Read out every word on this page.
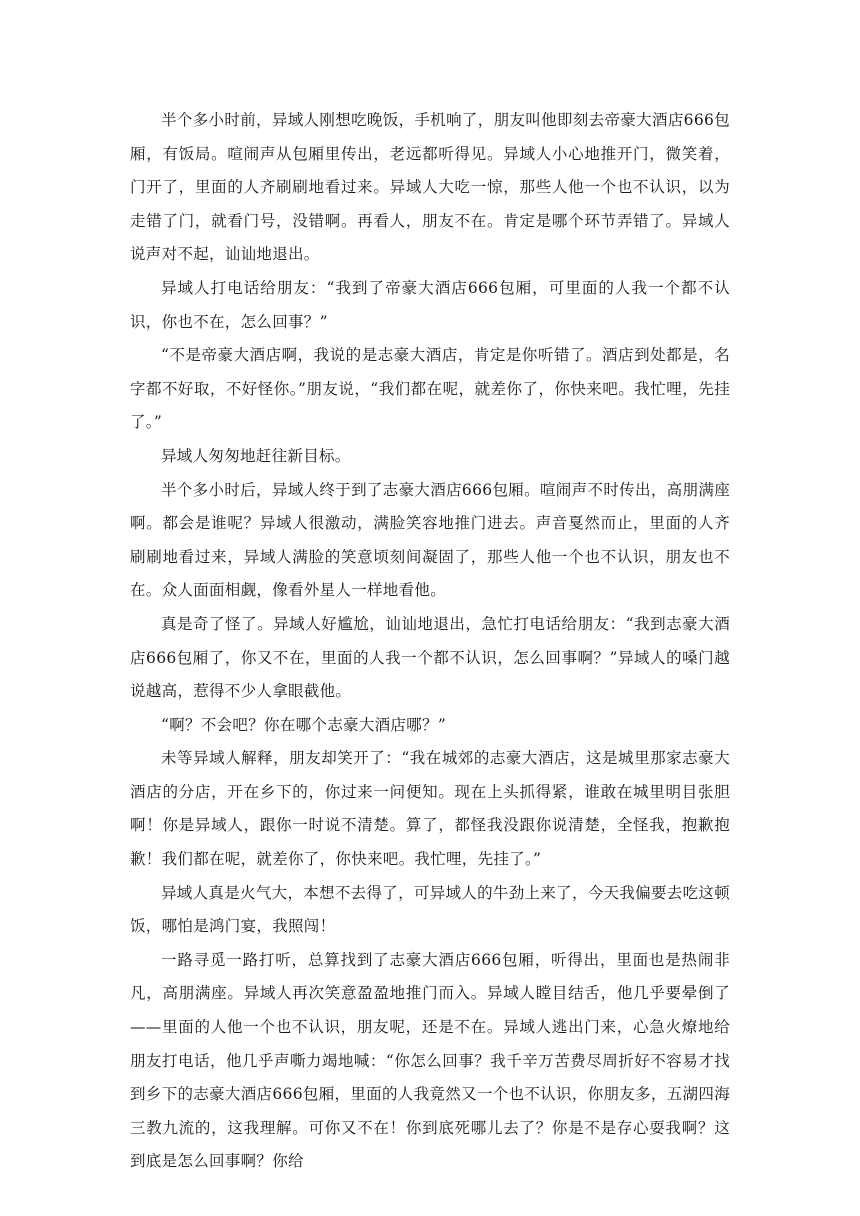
半个多小时前，异域人刚想吃晚饭，手机响了，朋友叫他即刻去帝豪大酒店666包厢，有饭局。喧闹声从包厢里传出，老远都听得见。异域人小心地推开门，微笑着，门开了，里面的人齐刷刷地看过来。异域人大吃一惊，那些人他一个也不认识，以为走错了门，就看门号，没错啊。再看人，朋友不在。肯定是哪个环节弄错了。异域人说声对不起，讪讪地退出。

异域人打电话给朋友：“我到了帝豪大酒店666包厢，可里面的人我一个都不认识，你也不在，怎么回事？”

“不是帝豪大酒店啊，我说的是志豪大酒店，肯定是你听错了。酒店到处都是，名字都不好取，不好怪你。”朋友说，“我们都在呢，就差你了，你快来吧。我忙哩，先挂了。”

异域人匆匆地赶往新目标。

半个多小时后，异域人终于到了志豪大酒店666包厢。喧闹声不时传出，高朋满座啊。都会是谁呢？异域人很激动，满脸笑容地推门进去。声音戛然而止，里面的人齐刷刷地看过来，异域人满脸的笑意顷刻间凝固了，那些人他一个也不认识，朋友也不在。众人面面相觑，像看外星人一样地看他。

真是奇了怪了。异域人好尴尬，讪讪地退出，急忙打电话给朋友：“我到志豪大酒店666包厢了，你又不在，里面的人我一个都不认识，怎么回事啊？”异域人的嗓门越说越高，惹得不少人拿眼截他。

“啊？不会吧？你在哪个志豪大酒店哪？”

未等异域人解释，朋友却笑开了：“我在城郊的志豪大酒店，这是城里那家志豪大酒店的分店，开在乡下的，你过来一问便知。现在上头抓得紧，谁敢在城里明目张胆啊！你是异域人，跟你一时说不清楚。算了，都怪我没跟你说清楚，全怪我，抱歉抱歉！我们都在呢，就差你了，你快来吧。我忙哩，先挂了。”

异域人真是火气大，本想不去得了，可异域人的牛劲上来了，今天我偏要去吃这顿饭，哪怕是鸿门宴，我照闯！

一路寻觅一路打听，总算找到了志豪大酒店666包厢，听得出，里面也是热闹非凡，高朋满座。异域人再次笑意盈盈地推门而入。异域人瞠目结舌，他几乎要晕倒了——里面的人他一个也不认识，朋友呢，还是不在。异域人逃出门来，心急火燎地给朋友打电话，他几乎声嘶力竭地喊：“你怎么回事？我千辛万苦费尽周折好不容易才找到乡下的志豪大酒店666包厢，里面的人我竟然又一个也不认识，你朋友多，五湖四海三教九流的，这我理解。可你又不在！你到底死哪儿去了？你是不是存心耍我啊？这到底是怎么回事啊？你给
